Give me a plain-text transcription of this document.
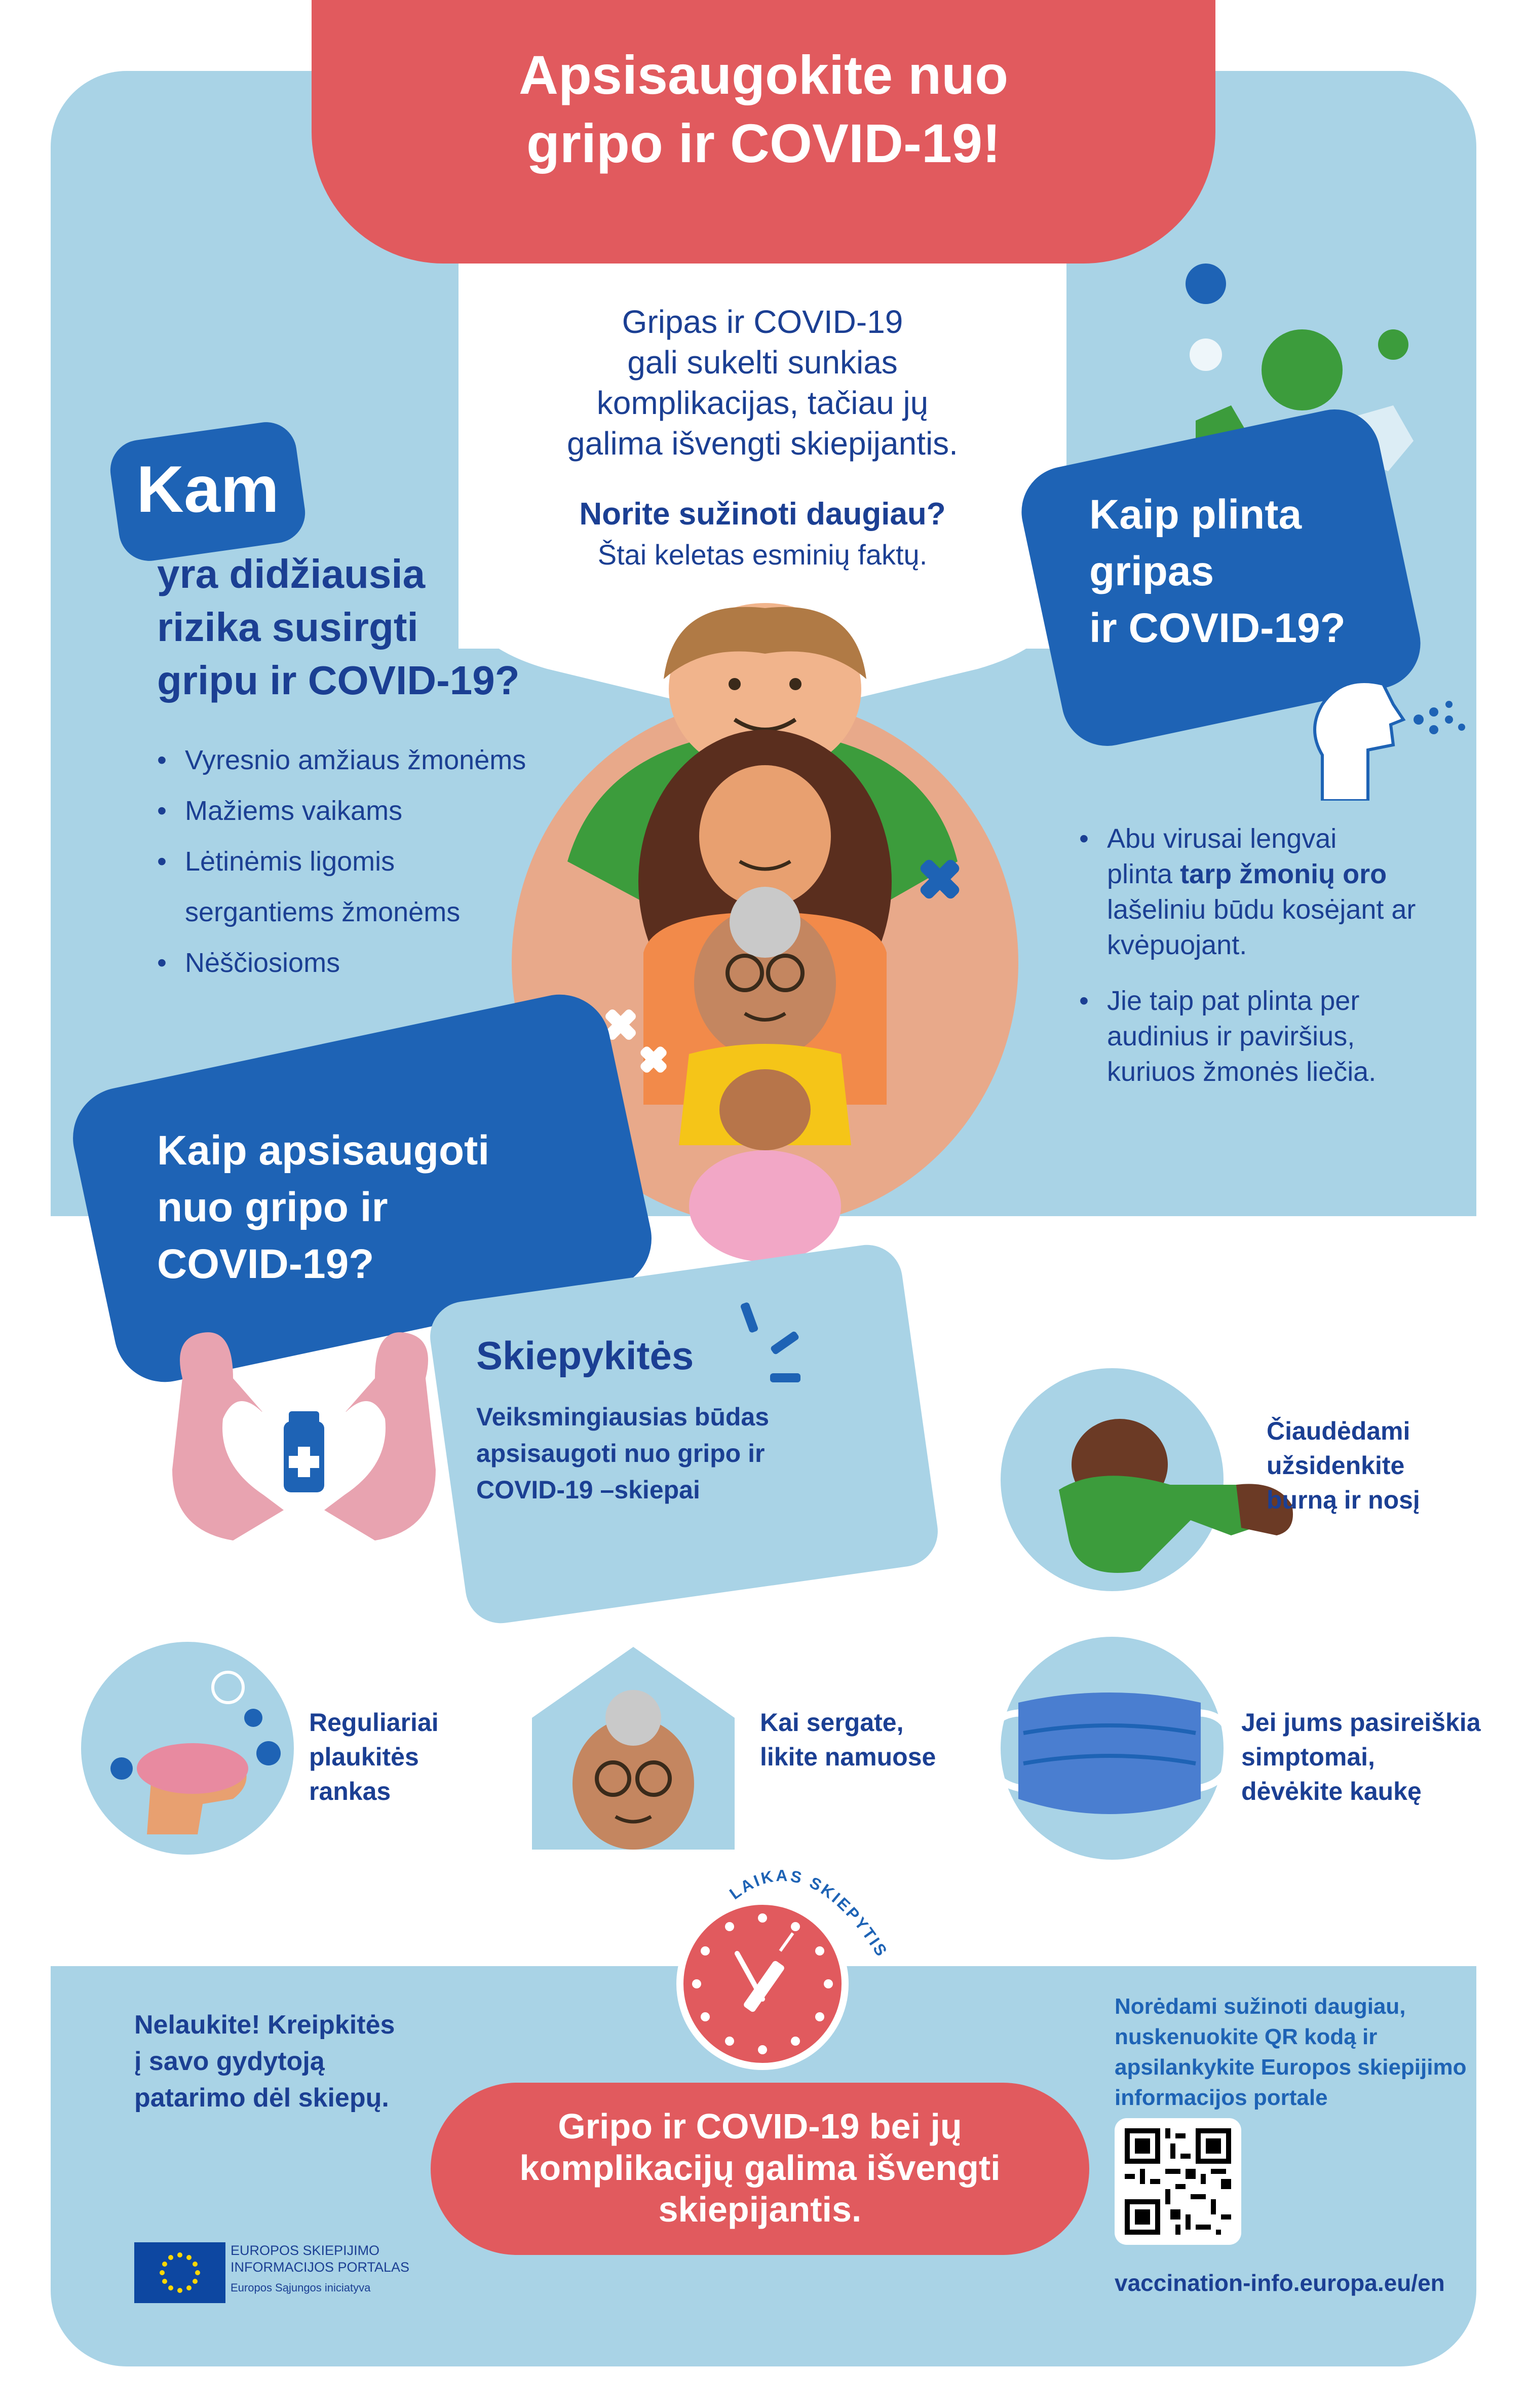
Apsisaugokite nuo
gripo ir COVID-19!
Gripas ir COVID-19
gali sukelti sunkias
komplikacijas, tačiau jų
galima išvengti skiepijantis.
Norite sužinoti daugiau?
Štai keletas esminių faktų.
Kam
yra didžiausia
rizika susirgti
gripu ir COVID-19?
• Vyresnio amžiaus žmonėms
• Mažiems vaikams
• Lėtinėmis ligomis
sergantiems žmonėms
• Nėščiosioms
Kaip plinta
gripas
ir COVID-19?
• Abu virusai lengvai
plinta tarp žmonių oro
lašeliniu būdu kosėjant ar
kvėpuojant.
• Jie taip pat plinta per
audinius ir paviršius,
kuriuos žmonės liečia.
Kaip apsisaugoti
nuo gripo ir
COVID-19?
Skiepykitės
Veiksmingiausias būdas
apsisaugoti nuo gripo ir
COVID-19 –skiepai
Čiaudėdami
užsidenkite
burną ir nosį
Reguliariai
plaukitės
rankas
Kai sergate,
likite namuose
Jei jums pasireiškia
simptomai,
dėvėkite kaukę
LAIKAS SKIEPYTIS
Nelaukite! Kreipkitės
į savo gydytoją
patarimo dėl skiepų.
Gripo ir COVID-19 bei jų
komplikacijų galima išvengti
skiepijantis.
Norėdami sužinoti daugiau,
nuskenuokite QR kodą ir
apsilankykite Europos skiepijimo
informacijos portale
vaccination-info.europa.eu/en
EUROPOS SKIEPIJIMO
INFORMACIJOS PORTALAS
Europos Sąjungos iniciatyva
